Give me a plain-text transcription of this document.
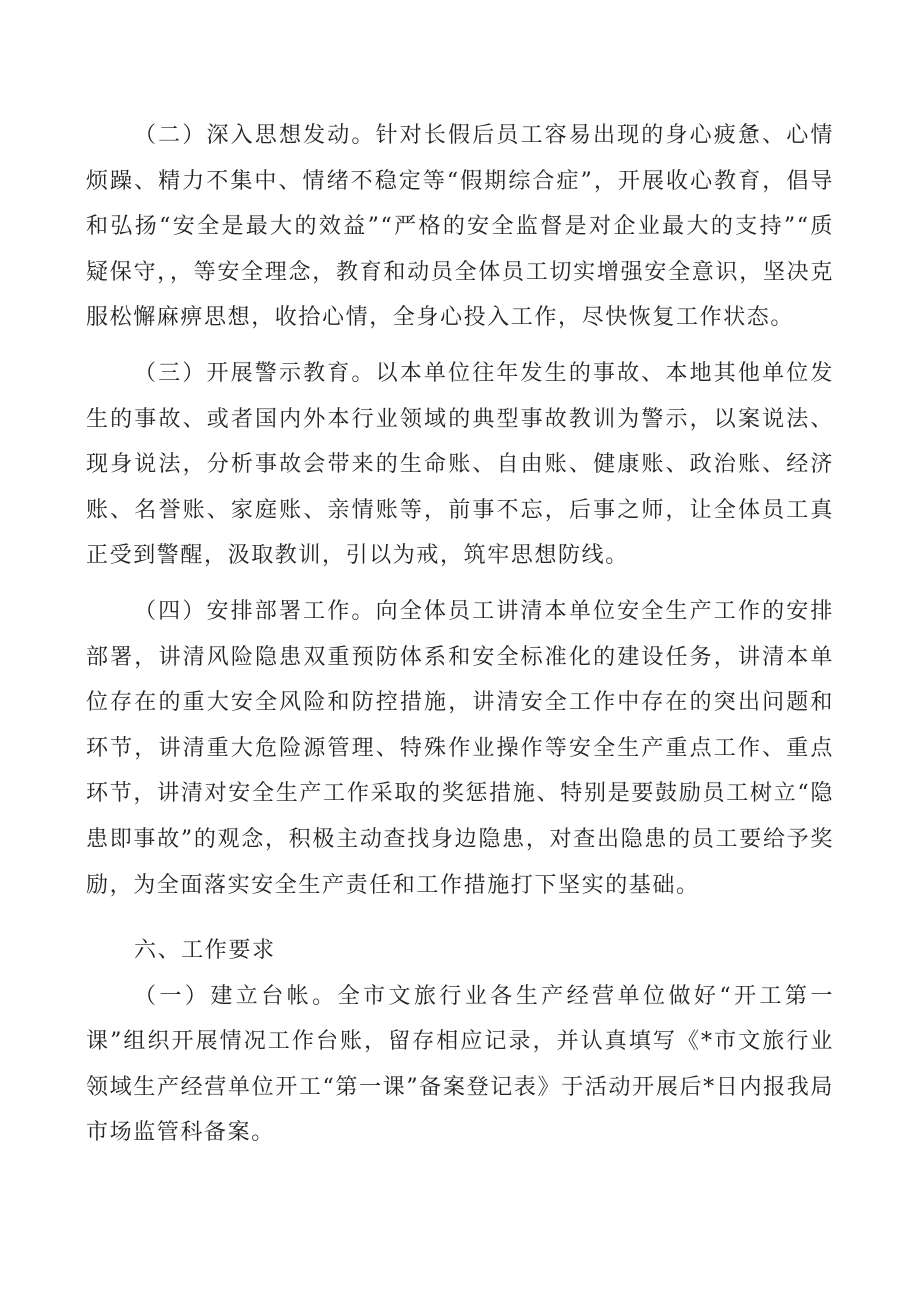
（二）深入思想发动。针对长假后员工容易出现的身心疲惫、心情烦躁、精力不集中、情绪不稳定等“假期综合症”，开展收心教育，倡导和弘扬“安全是最大的效益”“严格的安全监督是对企业最大的支持”“质疑保守，，等安全理念，教育和动员全体员工切实增强安全意识，坚决克服松懈麻痹思想，收拾心情，全身心投入工作，尽快恢复工作状态。

（三）开展警示教育。以本单位往年发生的事故、本地其他单位发生的事故、或者国内外本行业领域的典型事故教训为警示，以案说法、现身说法，分析事故会带来的生命账、自由账、健康账、政治账、经济账、名誉账、家庭账、亲情账等，前事不忘，后事之师，让全体员工真正受到警醒，汲取教训，引以为戒，筑牢思想防线。

（四）安排部署工作。向全体员工讲清本单位安全生产工作的安排部署，讲清风险隐患双重预防体系和安全标准化的建设任务，讲清本单位存在的重大安全风险和防控措施，讲清安全工作中存在的突出问题和环节，讲清重大危险源管理、特殊作业操作等安全生产重点工作、重点环节，讲清对安全生产工作采取的奖惩措施、特别是要鼓励员工树立“隐患即事故”的观念，积极主动查找身边隐患，对查出隐患的员工要给予奖励，为全面落实安全生产责任和工作措施打下坚实的基础。

六、工作要求

（一）建立台帐。全市文旅行业各生产经营单位做好“开工第一课”组织开展情况工作台账，留存相应记录，并认真填写《*市文旅行业领域生产经营单位开工“第一课”备案登记表》于活动开展后*日内报我局市场监管科备案。
